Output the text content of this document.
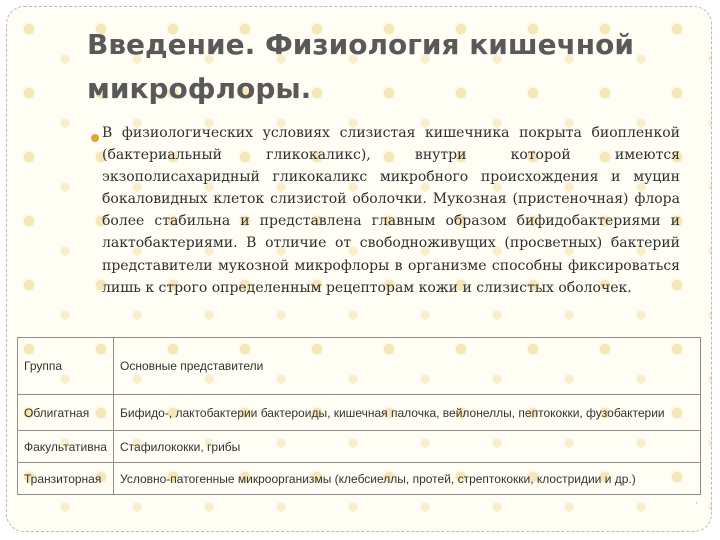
Введение. Физиология кишечной микрофлоры.
В физиологических условиях слизистая кишечника покрыта биопленкой (бактериальный гликокаликс), внутри которой имеются экзополисахаридный гликокаликс микробного происхождения и муцин бокаловидных клеток слизистой оболочки. Мукозная (пристеночная) флора более стабильна и представлена главным образом бифидобактериями и лактобактериями. В отличие от свободноживущих (просветных) бактерий представители мукозной микрофлоры в организме способны фиксироваться лишь к строго определенным рецепторам кожи и слизистых оболочек.
Группа	Основные представители
Облигатная	Бифидо-, лактобактерии бактероиды, кишечная палочка, вейлонеллы, пептококки, фузобактерии
Факультативна	Стафилококки, грибы
Транзиторная	Условно-патогенные микроорганизмы (клебсиеллы, протей, стрептококки, клостридии и др.)
˙
